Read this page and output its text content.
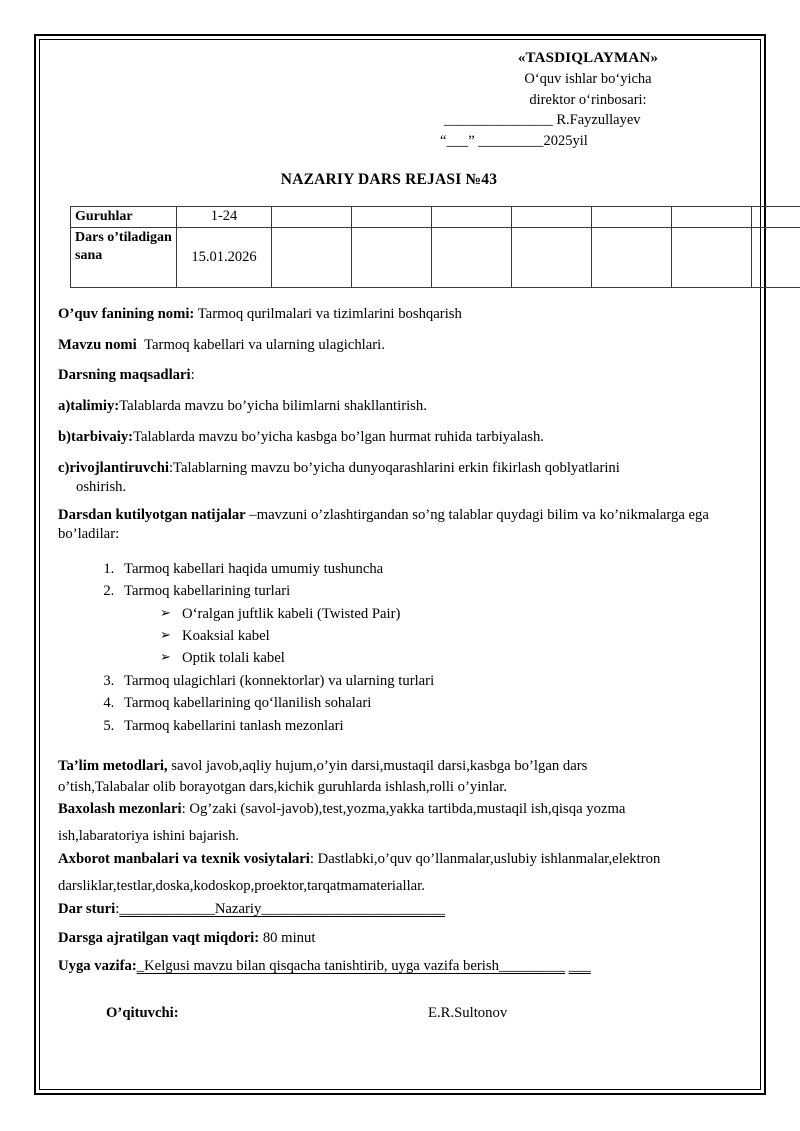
«TASDIQLAYMAN»
O‘quv ishlar bo‘yicha
direktor o‘rinbosari:
_______________ R.Fayzullayev
“___” _________2025yil
NAZARIY DARS REJASI №43
Guruhlar	1-24							
Dars o’tiladigan sana	15.01.2026							

O’quv fanining nomi: Tarmoq qurilmalari va tizimlarini boshqarish

Mavzu nomi Tarmoq kabellari va ularning ulagichlari.

Darsning maqsadlari:

a)talimiy:Talablarda mavzu bo’yicha bilimlarni shakllantirish.

b)tarbivaiy:Talablarda mavzu bo’yicha kasbga bo’lgan hurmat ruhida tarbiyalash.

c)rivojlantiruvchi:Talablarning mavzu bo’yicha dunyoqarashlarini erkin fikirlash qoblyatlarini
oshirish.

Darsdan kutilyotgan natijalar –mavzuni o’zlashtirgandan so’ng talablar quydagi bilim va ko’nikmalarga ega bo’ladilar:

1. Tarmoq kabellari haqida umumiy tushuncha
2. Tarmoq kabellarining turlari
➢ O‘ralgan juftlik kabeli (Twisted Pair)
➢ Koaksial kabel
➢ Optik tolali kabel
3. Tarmoq ulagichlari (konnektorlar) va ularning turlari
4. Tarmoq kabellarining qo‘llanilish sohalari
5. Tarmoq kabellarini tanlash mezonlari

Ta’lim metodlari, savol javob,aqliy hujum,o’yin darsi,mustaqil darsi,kasbga bo’lgan dars

o’tish,Talabalar olib borayotgan dars,kichik guruhlarda ishlash,rolli o’yinlar.

Baxolash mezonlari: Og’zaki (savol-javob),test,yozma,yakka tartibda,mustaqil ish,qisqa yozma

ish,labaratoriya ishini bajarish.

Axborot manbalari va texnik vosiytalari: Dastlabki,o’quv qo’llanmalar,uslubiy ishlanmalar,elektron

darsliklar,testlar,doska,kodoskop,proektor,tarqatmamateriallar.

Dar sturi:_____________Nazariy_________________________

Darsga ajratilgan vaqt miqdori: 80 minut

Uyga vazifa:_Kelgusi mavzu bilan qisqacha tanishtirib, uyga vazifa berish_________ ___

O’qituvchi:	E.R.Sultonov
